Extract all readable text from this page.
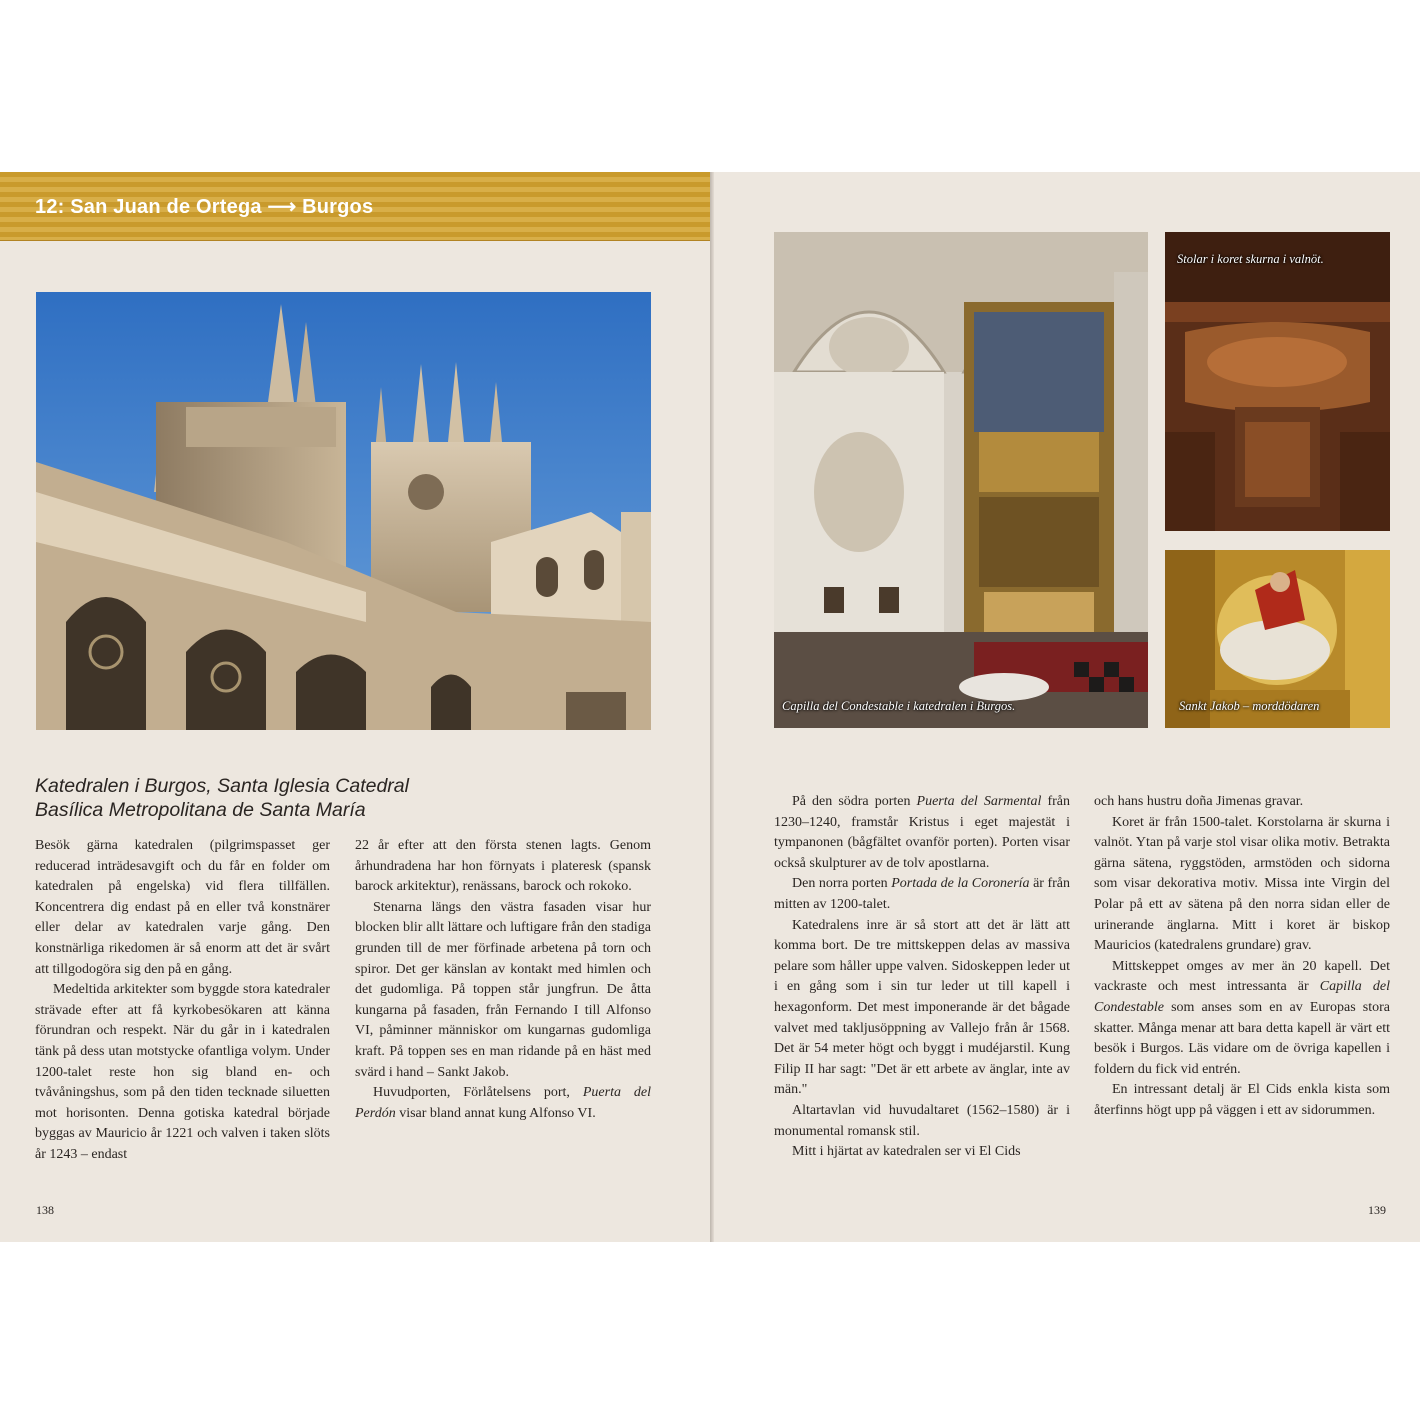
12: San Juan de Ortega ⟶ Burgos
Katedralen i Burgos, Santa Iglesia Catedral
Basílica Metropolitana de Santa María

Besök gärna katedralen (pilgrimspasset ger reducerad inträdesavgift och du får en folder om katedralen på engelska) vid flera tillfällen. Koncentrera dig endast på en eller två konstnärer eller delar av katedralen varje gång. Den konstnärliga rikedomen är så enorm att det är svårt att tillgodogöra sig den på en gång.

Medeltida arkitekter som byggde stora katedraler strävade efter att få kyrkobesökaren att känna förundran och respekt. När du går in i katedralen tänk på dess utan motstycke ofantliga volym. Under 1200-talet reste hon sig bland en- och tvåvåningshus, som på den tiden tecknade siluetten mot horisonten. Denna gotiska katedral började byggas av Mauricio år 1221 och valven i taken slöts år 1243 – endast

22 år efter att den första stenen lagts. Genom århundradena har hon förnyats i plateresk (spansk barock arkitektur), renässans, barock och rokoko.

Stenarna längs den västra fasaden visar hur blocken blir allt lättare och luftigare från den stadiga grunden till de mer förfinade arbetena på torn och spiror. Det ger känslan av kontakt med himlen och det gudomliga. På toppen står jungfrun. De åtta kungarna på fasaden, från Fernando I till Alfonso VI, påminner människor om kungarnas gudomliga kraft. På toppen ses en man ridande på en häst med svärd i hand – Sankt Jakob.

Huvudporten, Förlåtelsens port, Puerta del Perdón visar bland annat kung Alfonso VI.

138
Capilla del Condestable i katedralen i Burgos.
Stolar i koret skurna i valnöt.
Sankt Jakob – morddödaren

På den södra porten Puerta del Sarmental från 1230–1240, framstår Kristus i eget majestät i tympanonen (bågfältet ovanför porten). Porten visar också skulpturer av de tolv apostlarna.

Den norra porten Portada de la Coronería är från mitten av 1200-talet.

Katedralens inre är så stort att det är lätt att komma bort. De tre mittskeppen delas av massiva pelare som håller uppe valven. Sidoskeppen leder ut i en gång som i sin tur leder ut till kapell i hexagonform. Det mest imponerande är det bågade valvet med takljusöppning av Vallejo från år 1568. Det är 54 meter högt och byggt i mudéjarstil. Kung Filip II har sagt: "Det är ett arbete av änglar, inte av män."

Altartavlan vid huvudaltaret (1562–1580) är i monumental romansk stil.

Mitt i hjärtat av katedralen ser vi El Cids

och hans hustru doña Jimenas gravar.

Koret är från 1500-talet. Korstolarna är skurna i valnöt. Ytan på varje stol visar olika motiv. Betrakta gärna sätena, ryggstöden, armstöden och sidorna som visar dekorativa motiv. Missa inte Virgin del Polar på ett av sätena på den norra sidan eller de urinerande änglarna. Mitt i koret är biskop Mauricios (katedralens grundare) grav.

Mittskeppet omges av mer än 20 kapell. Det vackraste och mest intressanta är Capilla del Condestable som anses som en av Europas stora skatter. Många menar att bara detta kapell är värt ett besök i Burgos. Läs vidare om de övriga kapellen i foldern du fick vid entrén.

En intressant detalj är El Cids enkla kista som återfinns högt upp på väggen i ett av sidorummen.

139
